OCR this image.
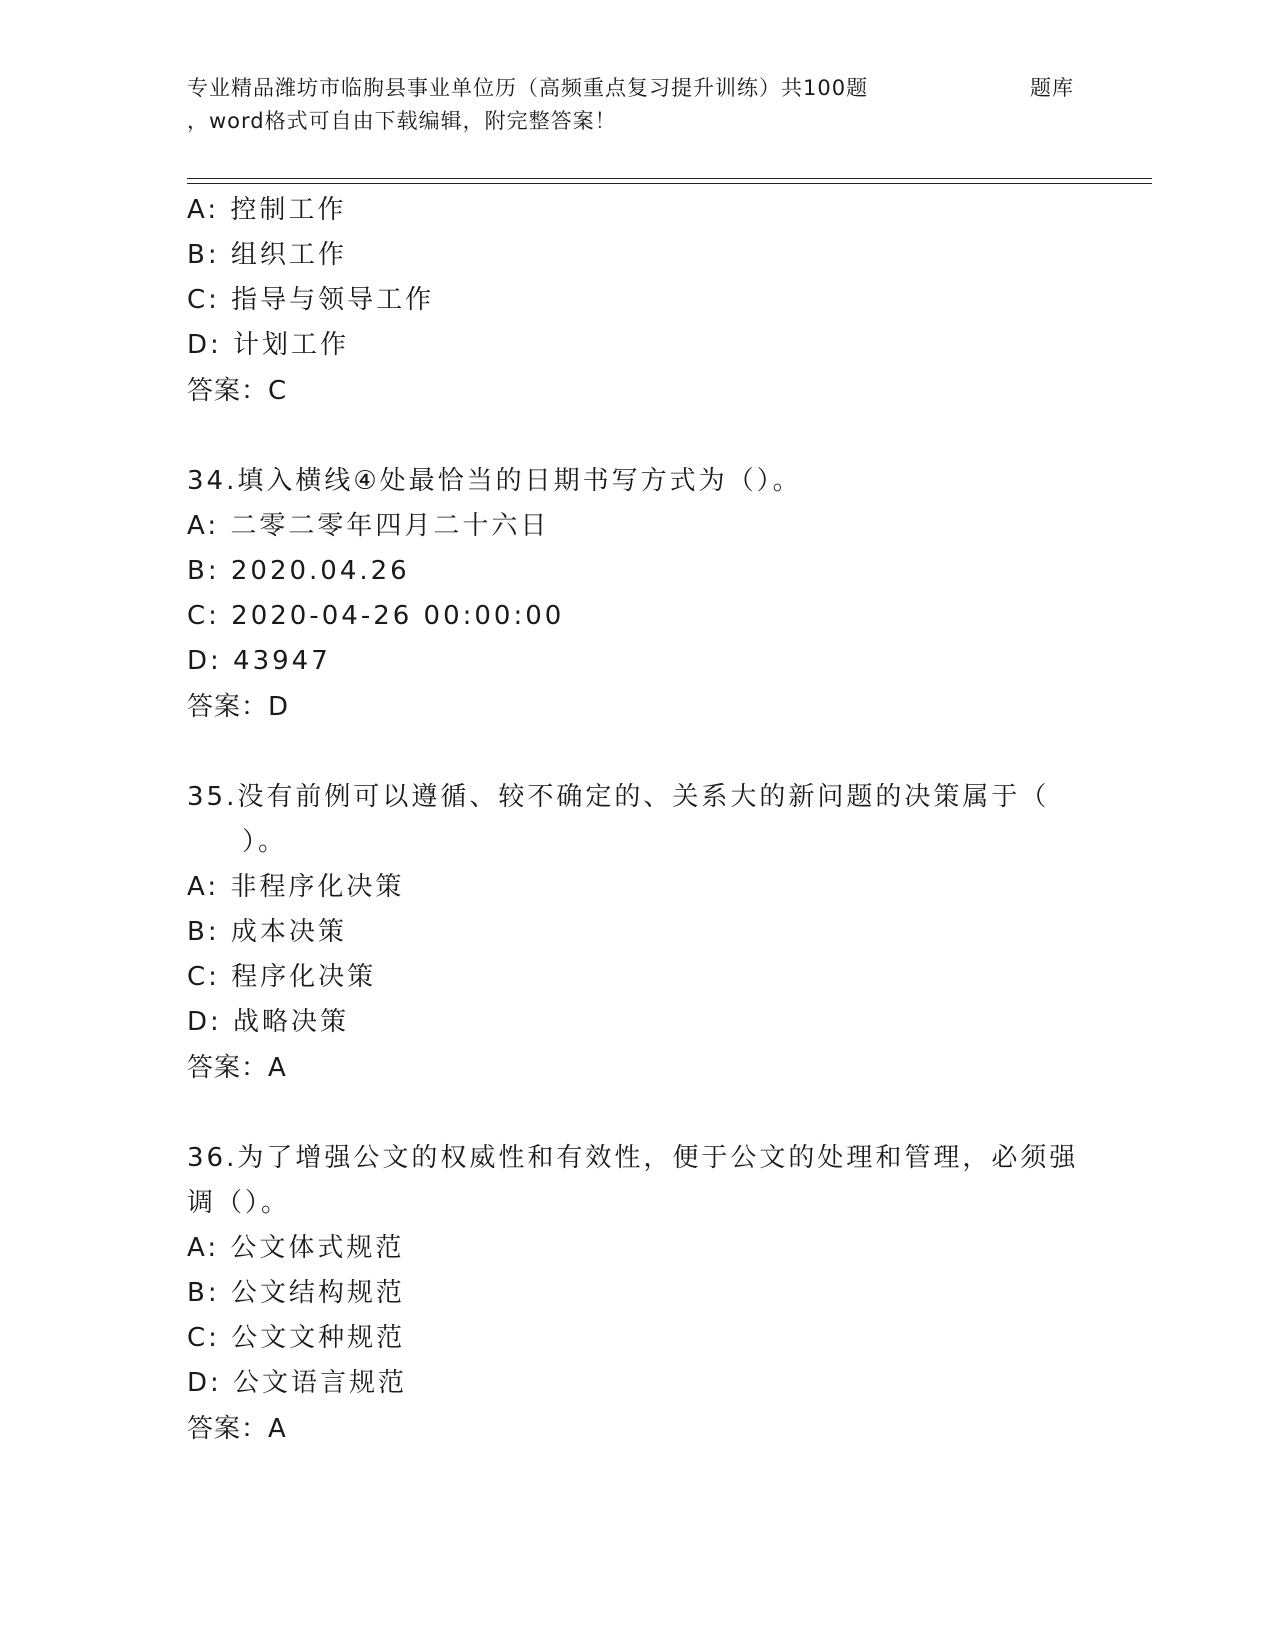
专业精品潍坊市临朐县事业单位历（高频重点复习提升训练）共100题	题库
，word格式可自由下载编辑，附完整答案！
A: 控制工作
B: 组织工作
C: 指导与领导工作
D: 计划工作
答案：C
34.填入横线④处最恰当的日期书写方式为（）。
A: 二零二零年四月二十六日
B: 2020.04.26
C: 2020-04-26 00:00:00
D: 43947
答案：D
35.没有前例可以遵循、较不确定的、关系大的新问题的决策属于（
）。
A: 非程序化决策
B: 成本决策
C: 程序化决策
D: 战略决策
答案：A
36.为了增强公文的权威性和有效性，便于公文的处理和管理，必须强
调（）。
A: 公文体式规范
B: 公文结构规范
C: 公文文种规范
D: 公文语言规范
答案：A
